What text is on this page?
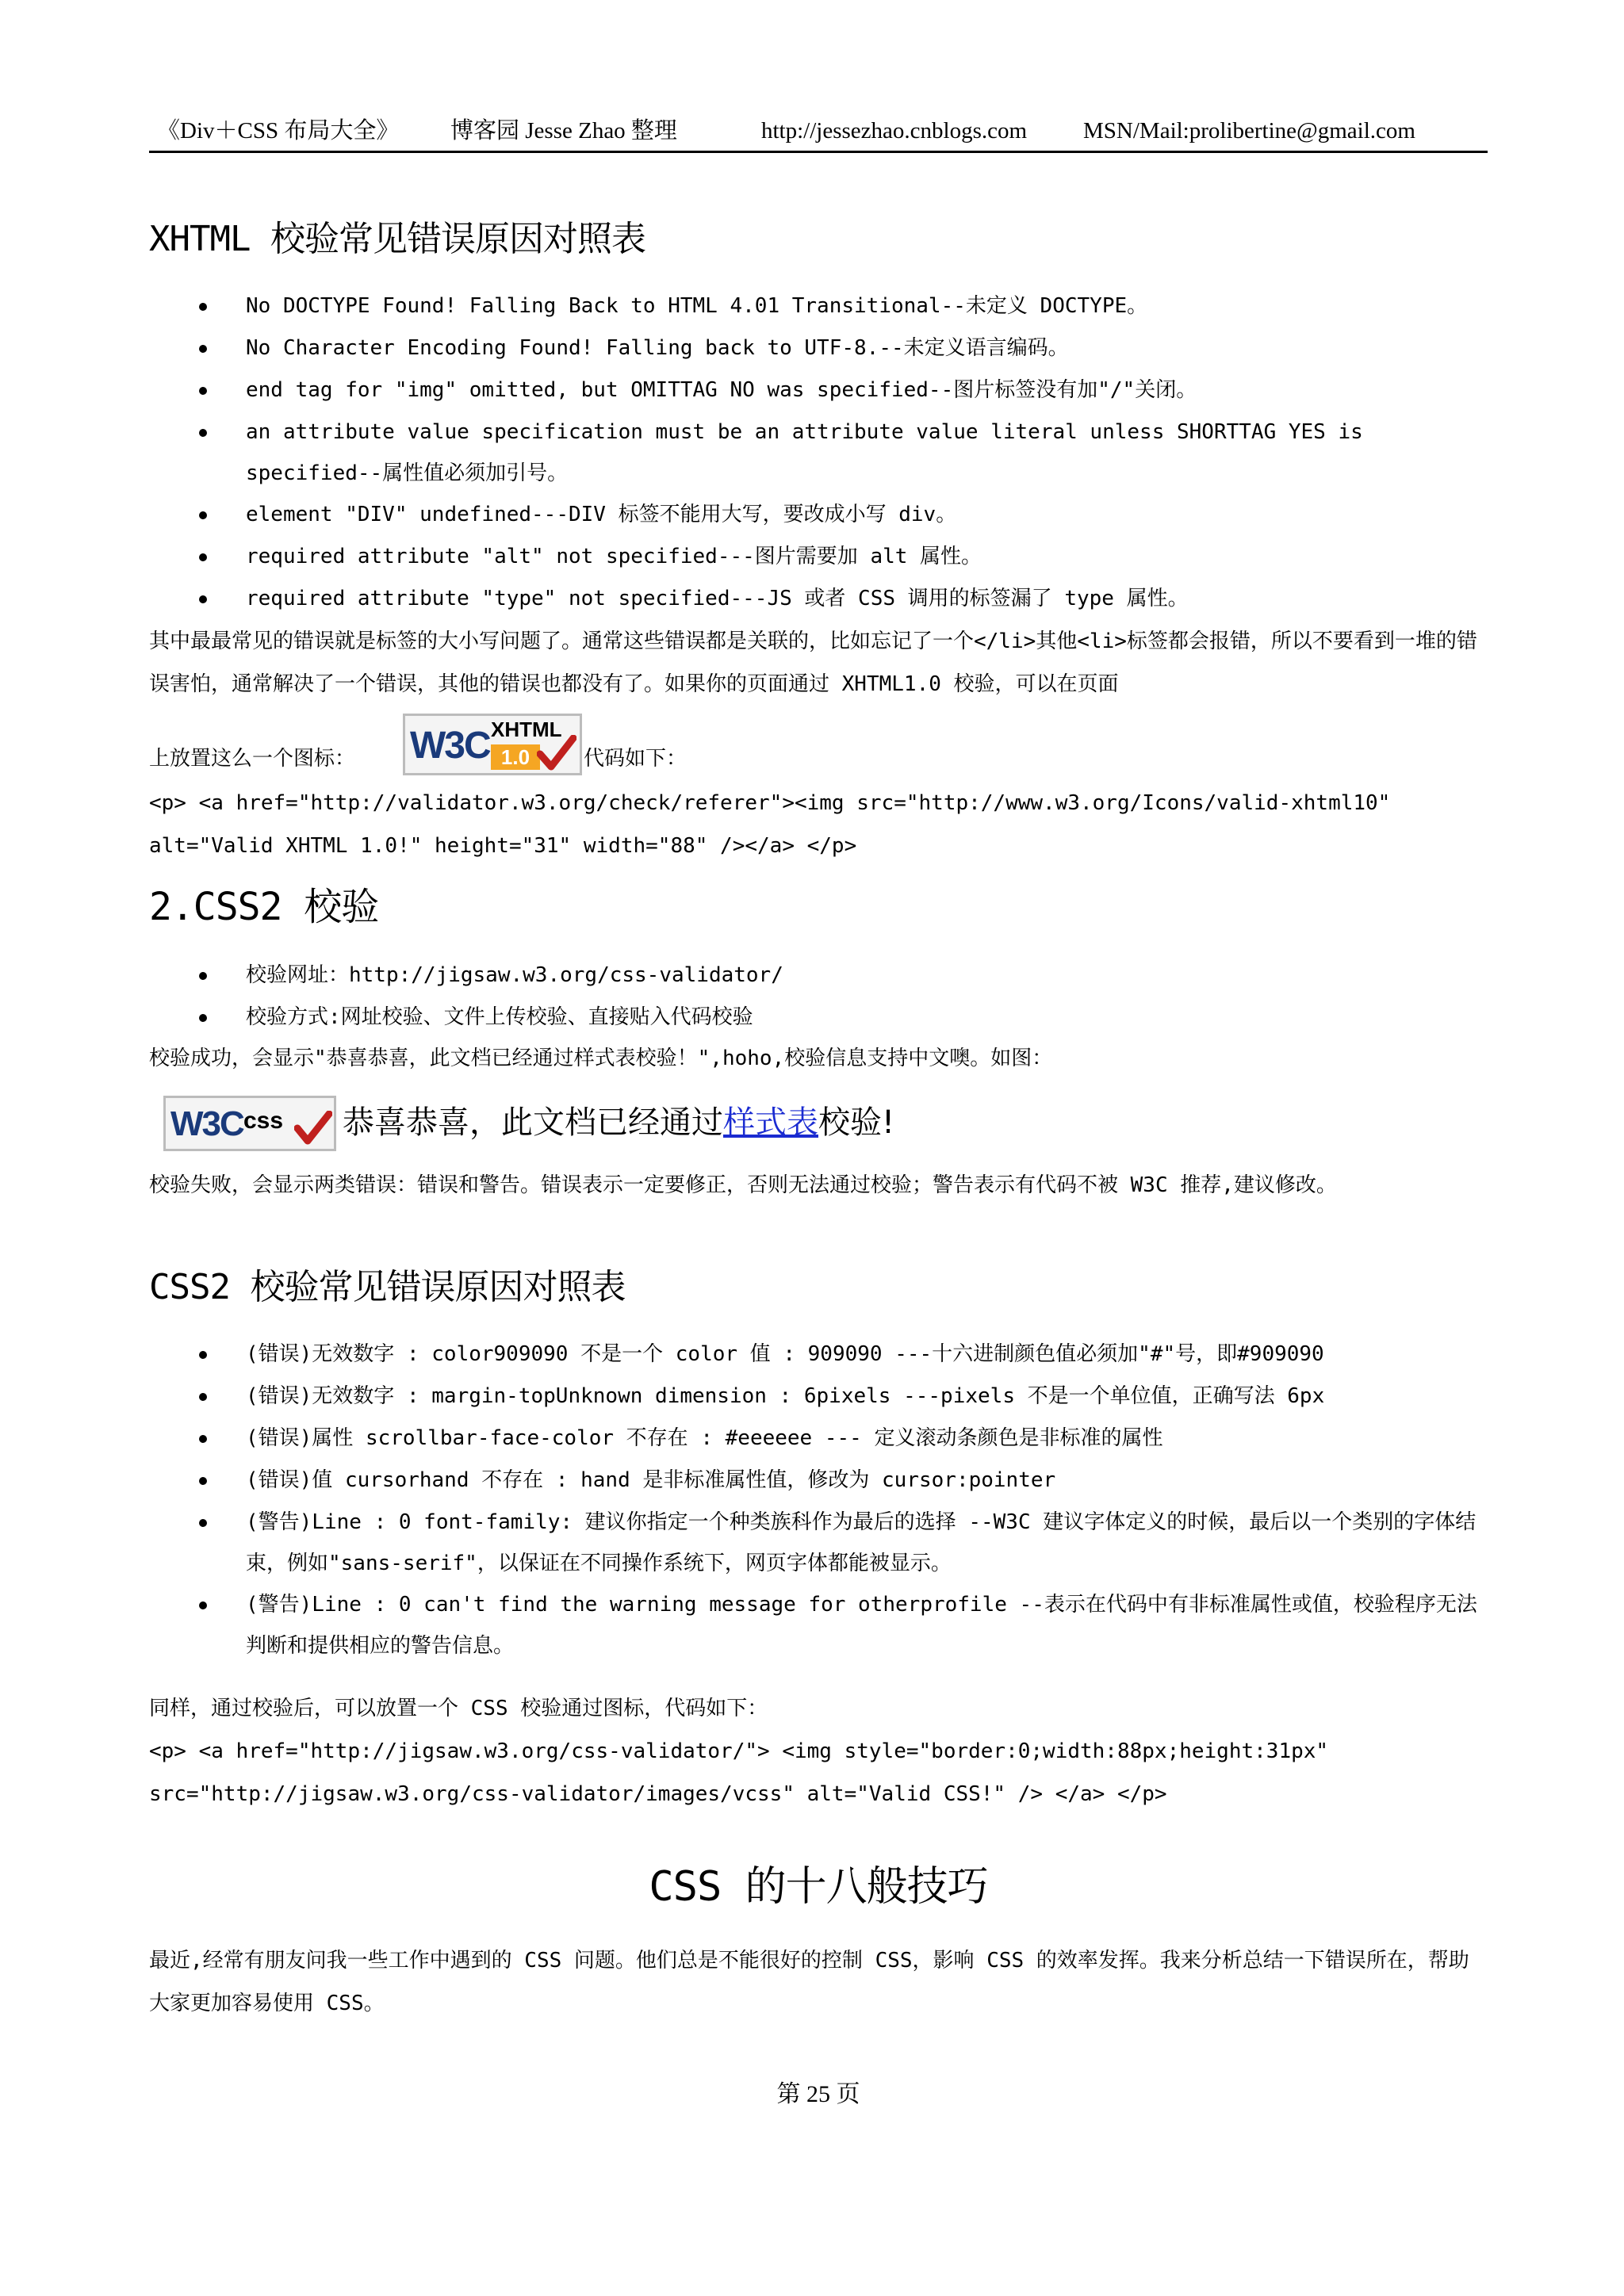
《Div＋CSS 布局大全》 博客园 Jesse Zhao 整理	http://jessezhao.cnblogs.com MSN/Mail:prolibertine@gmail.com
XHTML 校验常见错误原因对照表
No DOCTYPE Found! Falling Back to HTML 4.01 Transitional--未定义 DOCTYPE。
No Character Encoding Found! Falling back to UTF-8.--未定义语言编码。
end tag for "img" omitted, but OMITTAG NO was specified--图片标签没有加"/"关闭。
an attribute value specification must be an attribute value literal unless SHORTTAG YES is specified--属性值必须加引号。
element "DIV" undefined---DIV 标签不能用大写，要改成小写 div。
required attribute "alt" not specified---图片需要加 alt 属性。
required attribute "type" not specified---JS 或者 CSS 调用的标签漏了 type 属性。
其中最最常见的错误就是标签的大小写问题了。通常这些错误都是关联的，比如忘记了一个</li>其他<li>标签都会报错，所以不要看到一堆的错误害怕，通常解决了一个错误，其他的错误也都没有了。如果你的页面通过 XHTML1.0 校验，可以在页面
上放置这么一个图标：	W3C XHTML
1.0	代码如下：
<p> <a href="http://validator.w3.org/check/referer"><img src="http://www.w3.org/Icons/valid-xhtml10"
alt="Valid XHTML 1.0!" height="31" width="88" /></a> </p>
2.CSS2 校验
校验网址：http://jigsaw.w3.org/css-validator/
校验方式:网址校验、文件上传校验、直接贴入代码校验
校验成功，会显示"恭喜恭喜，此文档已经通过样式表校验！",hoho,校验信息支持中文噢。如图：
W3C css 恭喜恭喜，此文档已经通过样式表校验!
校验失败，会显示两类错误：错误和警告。错误表示一定要修正，否则无法通过校验；警告表示有代码不被 W3C 推荐,建议修改。
CSS2 校验常见错误原因对照表
(错误)无效数字 : color909090 不是一个 color 值 : 909090 ---十六进制颜色值必须加"#"号，即#909090
(错误)无效数字 : margin-topUnknown dimension : 6pixels ---pixels 不是一个单位值，正确写法 6px
(错误)属性 scrollbar-face-color 不存在 : #eeeeee --- 定义滚动条颜色是非标准的属性
(错误)值 cursorhand 不存在 : hand 是非标准属性值，修改为 cursor:pointer
(警告)Line : 0 font-family: 建议你指定一个种类族科作为最后的选择 --W3C 建议字体定义的时候，最后以一个类别的字体结束，例如"sans-serif"，以保证在不同操作系统下，网页字体都能被显示。
(警告)Line : 0 can't find the warning message for otherprofile --表示在代码中有非标准属性或值，校验程序无法判断和提供相应的警告信息。
同样，通过校验后，可以放置一个 CSS 校验通过图标，代码如下：
<p> <a href="http://jigsaw.w3.org/css-validator/"> <img style="border:0;width:88px;height:31px"
src="http://jigsaw.w3.org/css-validator/images/vcss" alt="Valid CSS!" /> </a> </p>
CSS 的十八般技巧
最近,经常有朋友问我一些工作中遇到的 CSS 问题。他们总是不能很好的控制 CSS，影响 CSS 的效率发挥。我来分析总结一下错误所在，帮助大家更加容易使用 CSS。
第 25 页
